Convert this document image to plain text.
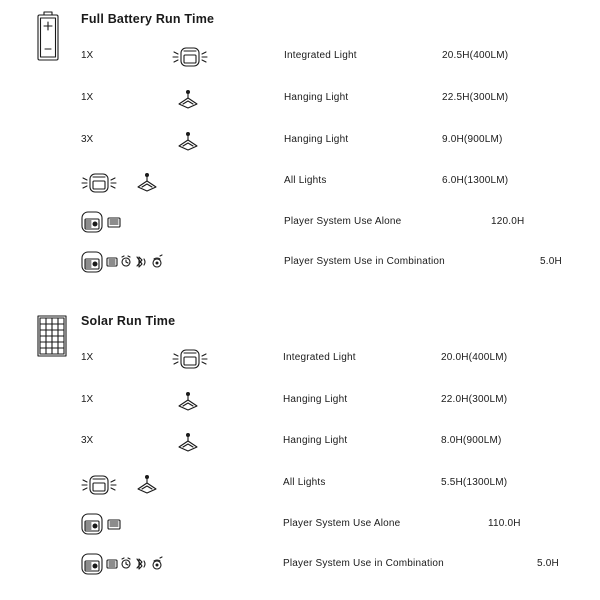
Full Battery Run Time
1X	Integrated Light	20.5H(400LM)
1X	Hanging Light	22.5H(300LM)
3X	Hanging Light	9.0H(900LM)
All Lights	6.0H(1300LM)
Player System Use Alone	120.0H
Player System Use in Combination	5.0H
Solar Run Time
1X	Integrated Light	20.0H(400LM)
1X	Hanging Light	22.0H(300LM)
3X	Hanging Light	8.0H(900LM)
All Lights	5.5H(1300LM)
Player System Use Alone	110.0H
Player System Use in Combination	5.0H
